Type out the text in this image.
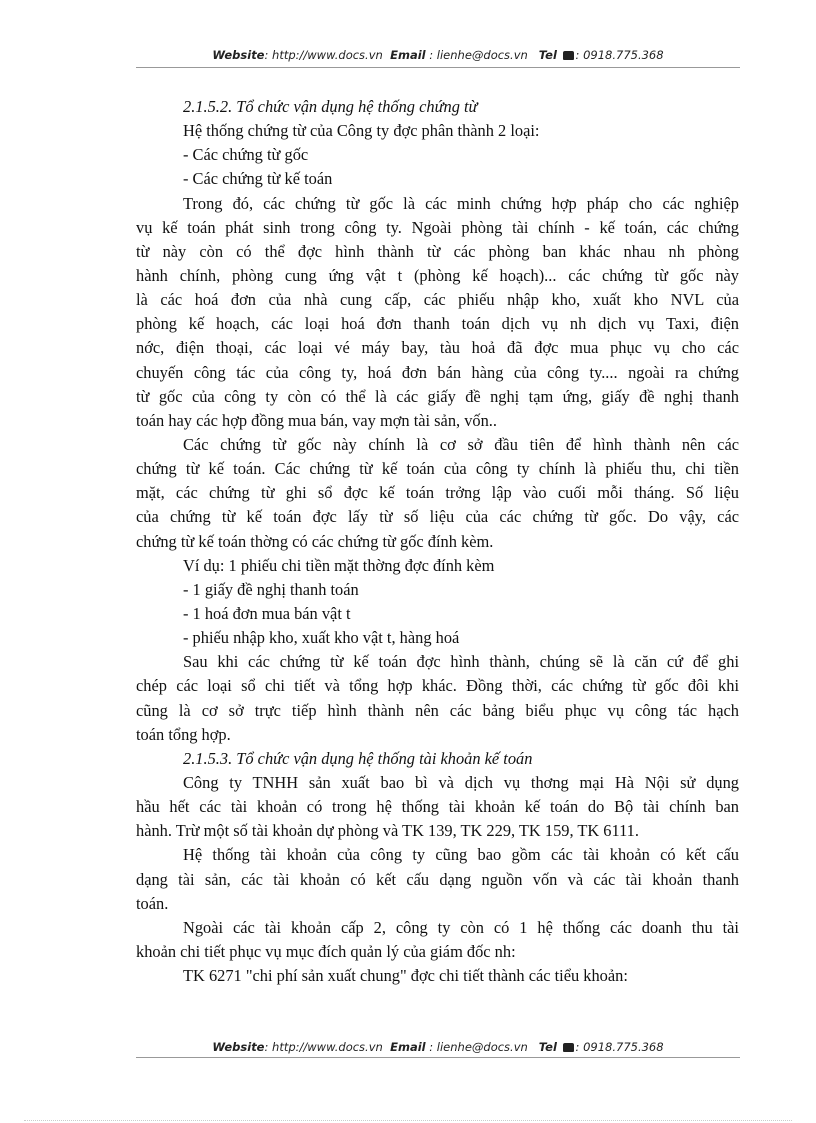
Website: http://www.docs.vn Email : lienhe@docs.vn Tel : 0918.775.368
2.1.5.2. Tổ chức vận dụng hệ thống chứng từ
Hệ thống chứng từ của Công ty đợc phân thành 2 loại:
- Các chứng từ gốc
- Các chứng từ kế toán
Trong đó, các chứng từ gốc là các minh chứng hợp pháp cho các nghiệp
vụ kế toán phát sinh trong công ty. Ngoài phòng tài chính - kế toán, các chứng
từ này còn có thể đợc hình thành từ các phòng ban khác nhau nh phòng
hành chính, phòng cung ứng vật t (phòng kế hoạch)... các chứng từ gốc này
là các hoá đơn của nhà cung cấp, các phiếu nhập kho, xuất kho NVL của
phòng kế hoạch, các loại hoá đơn thanh toán dịch vụ nh dịch vụ Taxi, điện
nớc, điện thoại, các loại vé máy bay, tàu hoả đã đợc mua phục vụ cho các
chuyến công tác của công ty, hoá đơn bán hàng của công ty.... ngoài ra chứng
từ gốc của công ty còn có thể là các giấy đề nghị tạm ứng, giấy đề nghị thanh
toán hay các hợp đồng mua bán, vay mợn tài sản, vốn..
Các chứng từ gốc này chính là cơ sở đầu tiên để hình thành nên các
chứng từ kế toán. Các chứng từ kế toán của công ty chính là phiếu thu, chi tiền
mặt, các chứng từ ghi sổ đợc kế toán trởng lập vào cuối mỗi tháng. Số liệu
của chứng từ kế toán đợc lấy từ số liệu của các chứng từ gốc. Do vậy, các
chứng từ kế toán thờng có các chứng từ gốc đính kèm.
Ví dụ: 1 phiếu chi tiền mặt thờng đợc đính kèm
- 1 giấy đề nghị thanh toán
- 1 hoá đơn mua bán vật t
- phiếu nhập kho, xuất kho vật t, hàng hoá
Sau khi các chứng từ kế toán đợc hình thành, chúng sẽ là căn cứ để ghi
chép các loại sổ chi tiết và tổng hợp khác. Đồng thời, các chứng từ gốc đôi khi
cũng là cơ sở trực tiếp hình thành nên các bảng biểu phục vụ công tác hạch
toán tổng hợp.
2.1.5.3. Tổ chức vận dụng hệ thống tài khoản kế toán
Công ty TNHH sản xuất bao bì và dịch vụ thơng mại Hà Nội sử dụng
hầu hết các tài khoản có trong hệ thống tài khoản kế toán do Bộ tài chính ban
hành. Trừ một số tài khoản dự phòng và TK 139, TK 229, TK 159, TK 6111.
Hệ thống tài khoản của công ty cũng bao gồm các tài khoản có kết cấu
dạng tài sản, các tài khoản có kết cấu dạng nguồn vốn và các tài khoản thanh
toán.
Ngoài các tài khoản cấp 2, công ty còn có 1 hệ thống các doanh thu tài
khoản chi tiết phục vụ mục đích quản lý của giám đốc nh:
TK 6271 "chi phí sản xuất chung" đợc chi tiết thành các tiểu khoản:
Website: http://www.docs.vn Email : lienhe@docs.vn Tel : 0918.775.368
